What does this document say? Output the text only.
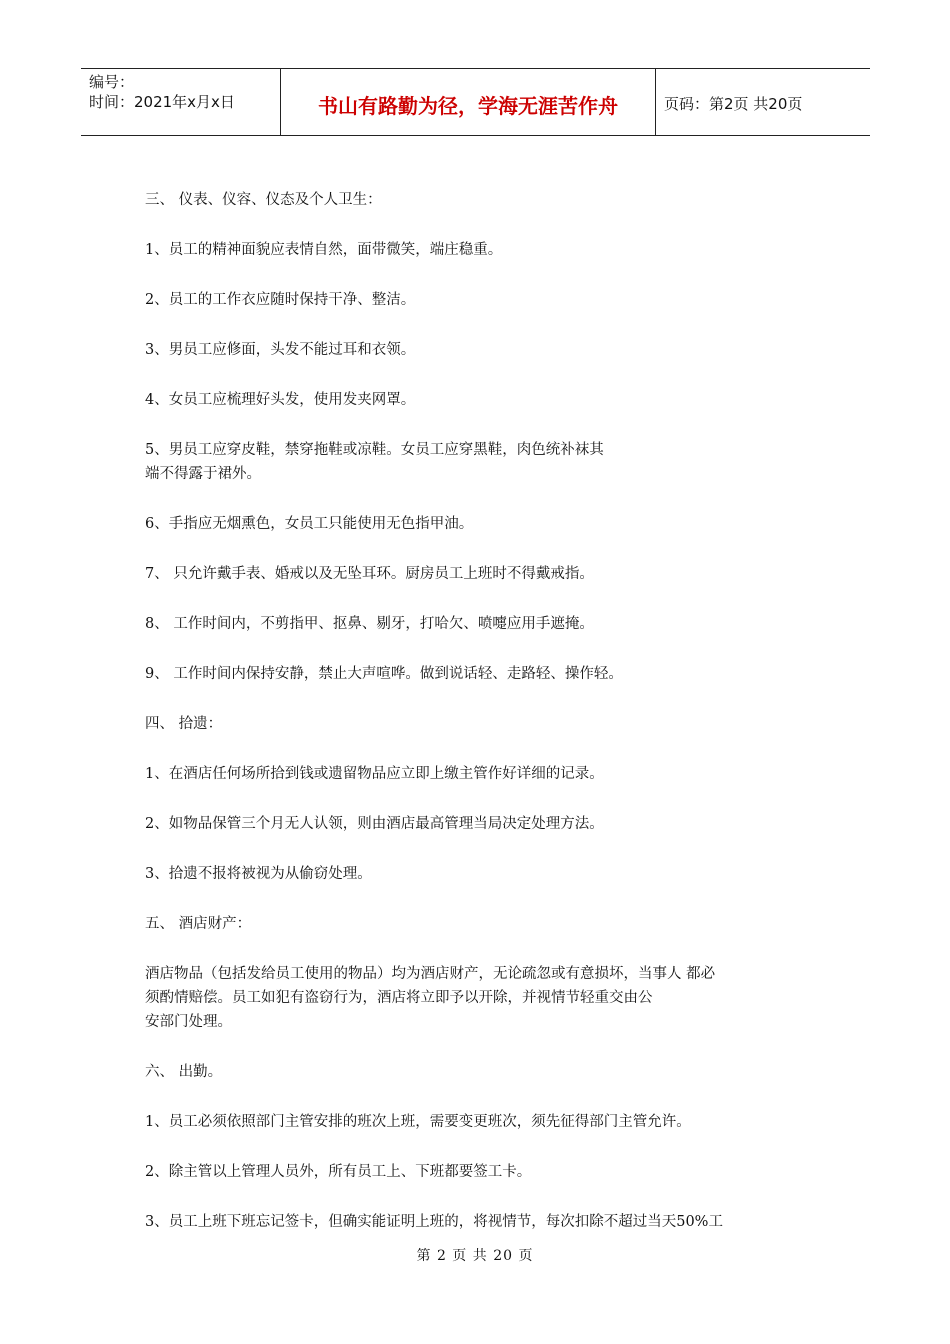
编号：
时间：2021年x月x日	书山有路勤为径，学海无涯苦作舟	页码：第2页 共20页

三、 仪表、仪容、仪态及个人卫生：

1、员工的精神面貌应表情自然，面带微笑，端庄稳重。

2、员工的工作衣应随时保持干净、整洁。

3、男员工应修面，头发不能过耳和衣领。

4、女员工应梳理好头发，使用发夹网罩。

5、男员工应穿皮鞋，禁穿拖鞋或凉鞋。女员工应穿黑鞋，肉色统补袜其

端不得露于裙外。

6、手指应无烟熏色，女员工只能使用无色指甲油。

7、 只允许戴手表、婚戒以及无坠耳环。厨房员工上班时不得戴戒指。

8、 工作时间内，不剪指甲、抠鼻、剔牙，打哈欠、喷嚏应用手遮掩。

9、 工作时间内保持安静，禁止大声喧哗。做到说话轻、走路轻、操作轻。

四、 拾遗：

1、在酒店任何场所拾到钱或遗留物品应立即上缴主管作好详细的记录。

2、如物品保管三个月无人认领，则由酒店最高管理当局决定处理方法。

3、拾遗不报将被视为从偷窃处理。

五、 酒店财产：

酒店物品（包括发给员工使用的物品）均为酒店财产，无论疏忽或有意损坏，当事人 都必

须酌情赔偿。员工如犯有盗窃行为，酒店将立即予以开除，并视情节轻重交由公

安部门处理。

六、 出勤。

1、员工必须依照部门主管安排的班次上班，需要变更班次，须先征得部门主管允许。

2、除主管以上管理人员外，所有员工上、下班都要签工卡。

3、员工上班下班忘记签卡，但确实能证明上班的，将视情节，每次扣除不超过当天50%工

第 2 页 共 20 页
